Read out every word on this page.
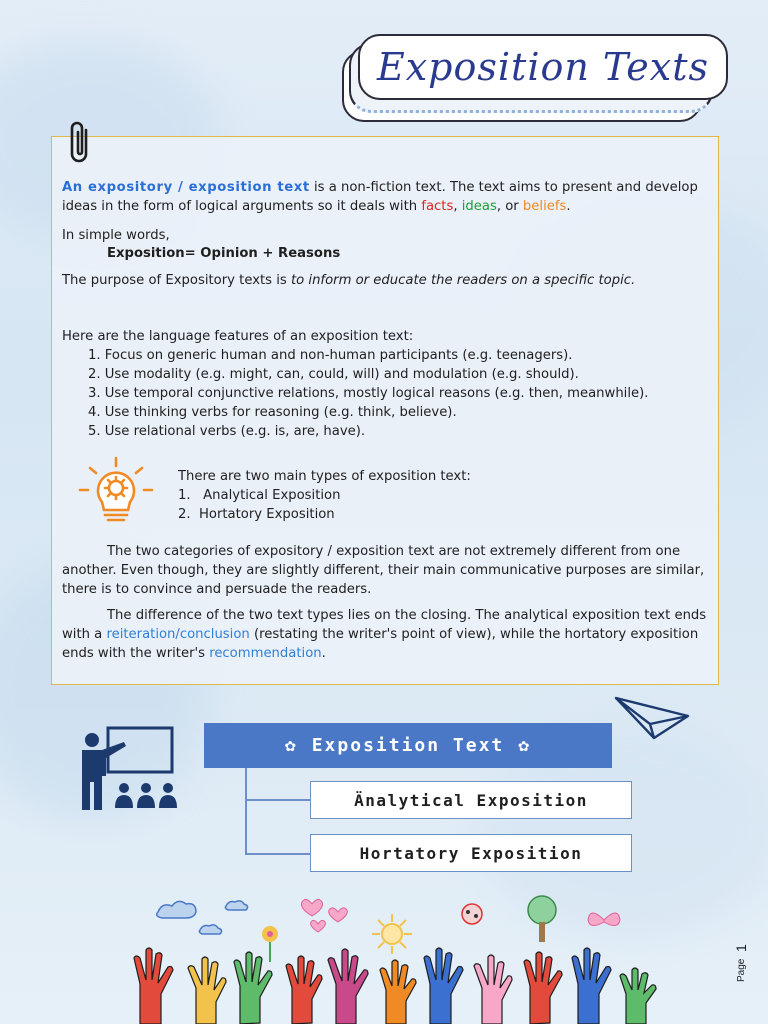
Exposition Texts
An expository / exposition text is a non-fiction text. The text aims to present and develop ideas in the form of logical arguments so it deals with facts, ideas, or beliefs.
In simple words,
Exposition= Opinion + Reasons
The purpose of Expository texts is to inform or educate the readers on a specific topic.
Here are the language features of an exposition text:
1. Focus on generic human and non-human participants (e.g. teenagers).
2. Use modality (e.g. might, can, could, will) and modulation (e.g. should).
3. Use temporal conjunctive relations, mostly logical reasons (e.g. then, meanwhile).
4. Use thinking verbs for reasoning (e.g. think, believe).
5. Use relational verbs (e.g. is, are, have).
There are two main types of exposition text:
1.   Analytical Exposition
2.  Hortatory Exposition
The two categories of expository / exposition text are not extremely different from one another. Even though, they are slightly different, their main communicative purposes are similar, there is to convince and persuade the readers.
The difference of the two text types lies on the closing. The analytical exposition text ends with a reiteration/conclusion (restating the writer's point of view), while the hortatory exposition ends with the writer's recommendation.
✿ Exposition Text ✿
Änalytical Exposition
Hortatory Exposition
Page
1
